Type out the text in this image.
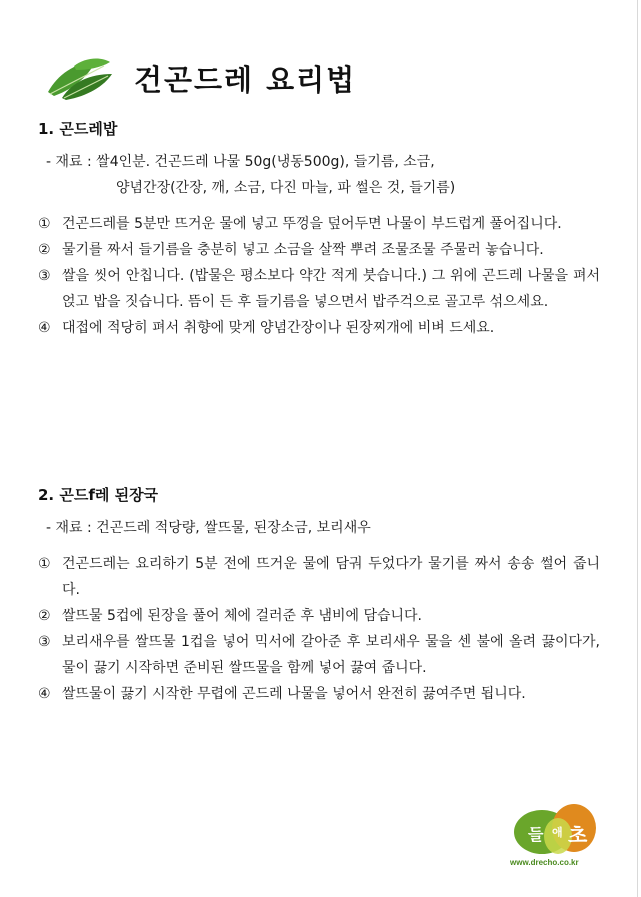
건곤드레 요리법
1. 곤드레밥
- 재료 : 쌀4인분. 건곤드레 나물 50g(냉동500g), 들기름, 소금,
양념간장(간장, 깨, 소금, 다진 마늘, 파 썰은 것, 들기름)
① 건곤드레를 5분만 뜨거운 물에 넣고 뚜껑을 덮어두면 나물이 부드럽게 풀어집니다.
② 물기를 짜서 들기름을 충분히 넣고 소금을 살짝 뿌려 조물조물 주물러 놓습니다.
③ 쌀을 씻어 안칩니다. (밥물은 평소보다 약간 적게 붓습니다.) 그 위에 곤드레 나물을 펴서 얹고 밥을 짓습니다. 뜸이 든 후 들기름을 넣으면서 밥주걱으로 골고루 섞으세요.
④ 대접에 적당히 펴서 취향에 맞게 양념간장이나 된장찌개에 비벼 드세요.
2. 곤드f레 된장국
- 재료 : 건곤드레 적당량, 쌀뜨물, 된장소금, 보리새우
① 건곤드레는 요리하기 5분 전에 뜨거운 물에 담궈 두었다가 물기를 짜서 송송 썰어 줍니다.
② 쌀뜨물 5컵에 된장을 풀어 체에 걸러준 후 냄비에 담습니다.
③ 보리새우를 쌀뜨물 1컵을 넣어 믹서에 갈아준 후 보리새우 물을 센 불에 올려 끓이다가, 물이 끓기 시작하면 준비된 쌀뜨물을 함께 넣어 끓여 줍니다.
④ 쌀뜨물이 끓기 시작한 무렵에 곤드레 나물을 넣어서 완전히 끓여주면 됩니다.
들 애 초
www.drecho.co.kr
